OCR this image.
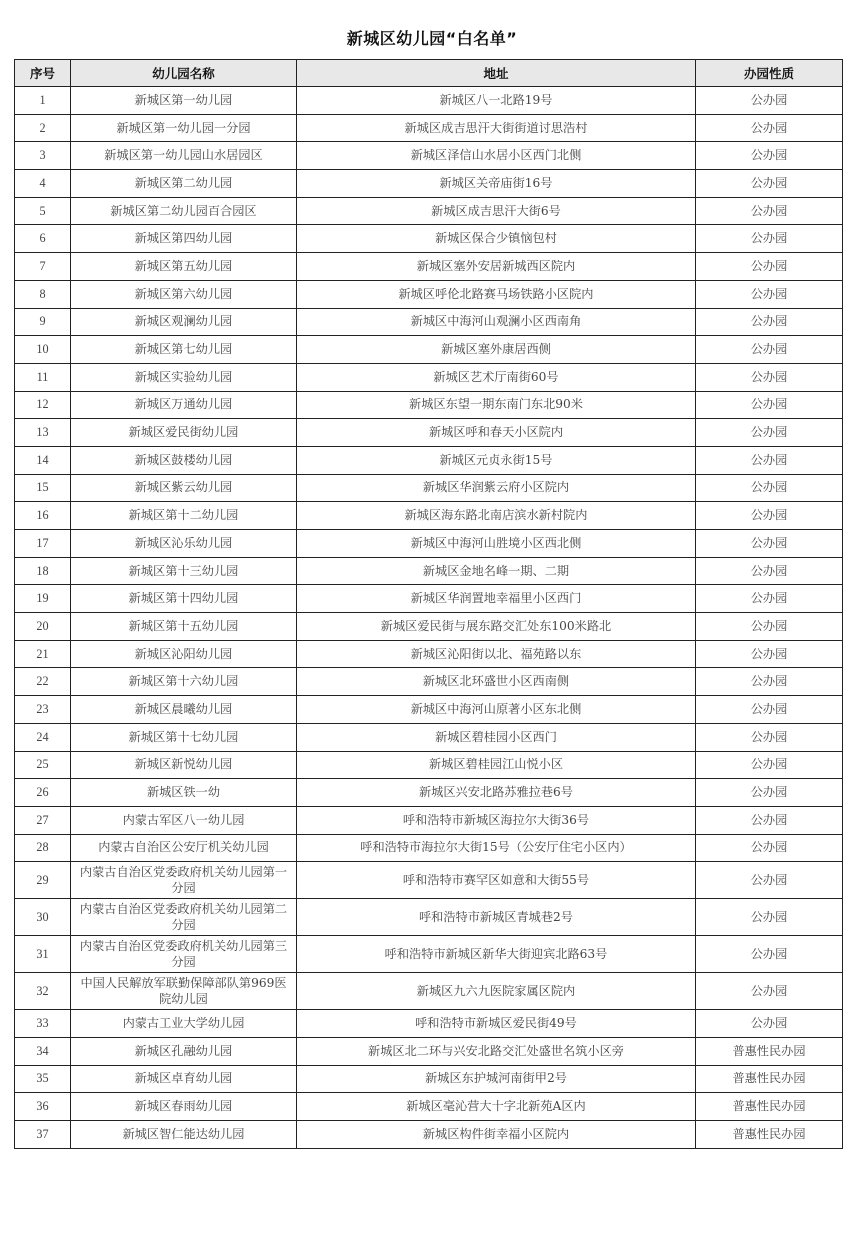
新城区幼儿园“白名单”
序号	幼儿园名称	地址	办园性质
1	新城区第一幼儿园	新城区八一北路19号	公办园
2	新城区第一幼儿园一分园	新城区成吉思汗大街街道讨思浩村	公办园
3	新城区第一幼儿园山水居园区	新城区泽信山水居小区西门北侧	公办园
4	新城区第二幼儿园	新城区关帝庙街16号	公办园
5	新城区第二幼儿园百合园区	新城区成吉思汗大街6号	公办园
6	新城区第四幼儿园	新城区保合少镇恼包村	公办园
7	新城区第五幼儿园	新城区塞外安居新城西区院内	公办园
8	新城区第六幼儿园	新城区呼伦北路赛马场铁路小区院内	公办园
9	新城区观澜幼儿园	新城区中海河山观澜小区西南角	公办园
10	新城区第七幼儿园	新城区塞外康居西侧	公办园
11	新城区实验幼儿园	新城区艺术厅南街60号	公办园
12	新城区万通幼儿园	新城区东望一期东南门东北90米	公办园
13	新城区爱民街幼儿园	新城区呼和春天小区院内	公办园
14	新城区鼓楼幼儿园	新城区元贞永街15号	公办园
15	新城区紫云幼儿园	新城区华润紫云府小区院内	公办园
16	新城区第十二幼儿园	新城区海东路北南店滨水新村院内	公办园
17	新城区沁乐幼儿园	新城区中海河山胜境小区西北侧	公办园
18	新城区第十三幼儿园	新城区金地名峰一期、二期	公办园
19	新城区第十四幼儿园	新城区华润置地幸福里小区西门	公办园
20	新城区第十五幼儿园	新城区爱民街与展东路交汇处东100米路北	公办园
21	新城区沁阳幼儿园	新城区沁阳街以北、福苑路以东	公办园
22	新城区第十六幼儿园	新城区北环盛世小区西南侧	公办园
23	新城区晨曦幼儿园	新城区中海河山原著小区东北侧	公办园
24	新城区第十七幼儿园	新城区碧桂园小区西门	公办园
25	新城区新悦幼儿园	新城区碧桂园江山悦小区	公办园
26	新城区铁一幼	新城区兴安北路苏雅拉巷6号	公办园
27	内蒙古军区八一幼儿园	呼和浩特市新城区海拉尔大街36号	公办园
28	内蒙古自治区公安厅机关幼儿园	呼和浩特市海拉尔大街15号（公安厅住宅小区内）	公办园
29	内蒙古自治区党委政府机关幼儿园第一分园	呼和浩特市赛罕区如意和大街55号	公办园
30	内蒙古自治区党委政府机关幼儿园第二分园	呼和浩特市新城区青城巷2号	公办园
31	内蒙古自治区党委政府机关幼儿园第三分园	呼和浩特市新城区新华大街迎宾北路63号	公办园
32	中国人民解放军联勤保障部队第969医院幼儿园	新城区九六九医院家属区院内	公办园
33	内蒙古工业大学幼儿园	呼和浩特市新城区爱民街49号	公办园
34	新城区孔融幼儿园	新城区北二环与兴安北路交汇处盛世名筑小区旁	普惠性民办园
35	新城区卓育幼儿园	新城区东护城河南街甲2号	普惠性民办园
36	新城区春雨幼儿园	新城区毫沁营大十字北新苑A区内	普惠性民办园
37	新城区智仁能达幼儿园	新城区构件街幸福小区院内	普惠性民办园
